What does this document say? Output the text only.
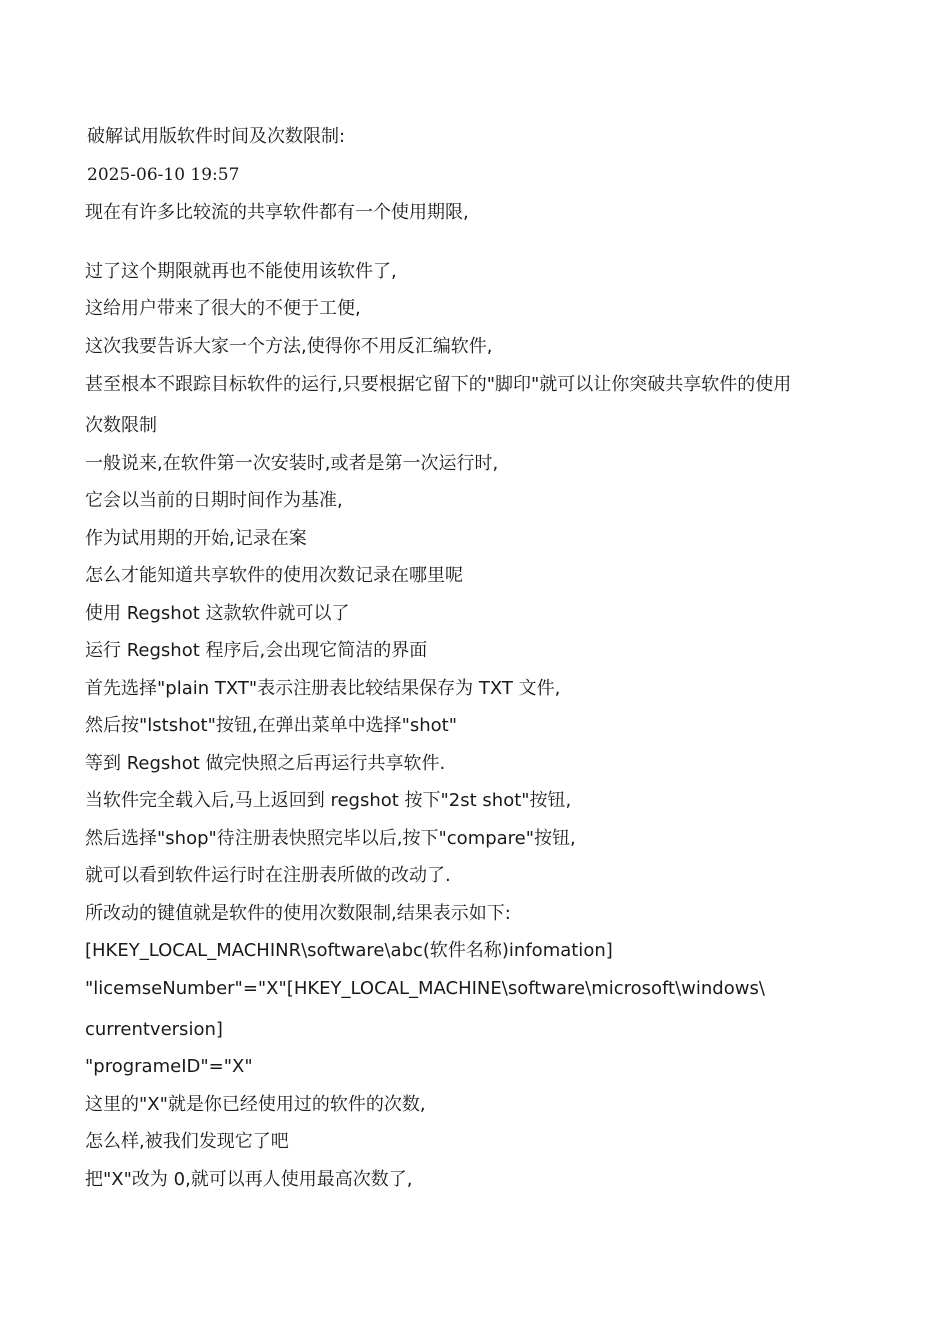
破解试用版软件时间及次数限制:
2025-06-10 19:57
现在有许多比较流的共享软件都有一个使用期限,
过了这个期限就再也不能使用该软件了,
这给用户带来了很大的不便于工便,
这次我要告诉大家一个方法,使得你不用反汇编软件,
甚至根本不跟踪目标软件的运行,只要根据它留下的"脚印"就可以让你突破共享软件的使用
次数限制
一般说来,在软件第一次安装时,或者是第一次运行时,
它会以当前的日期时间作为基准,
作为试用期的开始,记录在案
怎么才能知道共享软件的使用次数记录在哪里呢
使用 Regshot 这款软件就可以了
运行 Regshot 程序后,会出现它简洁的界面
首先选择"plain TXT"表示注册表比较结果保存为 TXT 文件,
然后按"lstshot"按钮,在弹出菜单中选择"shot"
等到 Regshot 做完快照之后再运行共享软件.
当软件完全载入后,马上返回到 regshot 按下"2st shot"按钮,
然后选择"shop"待注册表快照完毕以后,按下"compare"按钮,
就可以看到软件运行时在注册表所做的改动了.
所改动的键值就是软件的使用次数限制,结果表示如下:
[HKEY_LOCAL_MACHINR\software\abc(软件名称)infomation]
"licemseNumber"="X"[HKEY_LOCAL_MACHINE\software\microsoft\windows\
currentversion]
"programeID"="X"
这里的"X"就是你已经使用过的软件的次数,
怎么样,被我们发现它了吧
把"X"改为 0,就可以再人使用最高次数了,
